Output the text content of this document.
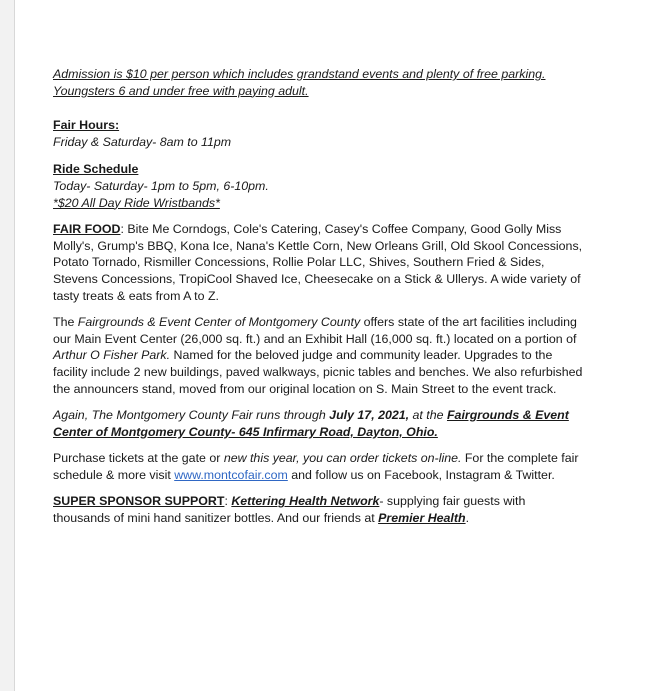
Admission is $10 per person which includes grandstand events and plenty of free parking.
Youngsters 6 and under free with paying adult.

Fair Hours:
Friday & Saturday- 8am to 11pm

Ride Schedule
Today- Saturday- 1pm to 5pm, 6-10pm.
*$20 All Day Ride Wristbands*

FAIR FOOD: Bite Me Corndogs, Cole's Catering, Casey's Coffee Company, Good Golly Miss Molly's, Grump's BBQ, Kona Ice, Nana's Kettle Corn, New Orleans Grill, Old Skool Concessions, Potato Tornado, Rismiller Concessions, Rollie Polar LLC, Shives, Southern Fried & Sides, Stevens Concessions, TropiCool Shaved Ice, Cheesecake on a Stick & Ullerys. A wide variety of tasty treats & eats from A to Z.

The Fairgrounds & Event Center of Montgomery County offers state of the art facilities including our Main Event Center (26,000 sq. ft.) and an Exhibit Hall (16,000 sq. ft.) located on a portion of Arthur O Fisher Park. Named for the beloved judge and community leader. Upgrades to the facility include 2 new buildings, paved walkways, picnic tables and benches. We also refurbished the announcers stand, moved from our original location on S. Main Street to the event track.

Again, The Montgomery County Fair runs through July 17, 2021, at the Fairgrounds & Event Center of Montgomery County- 645 Infirmary Road, Dayton, Ohio.

Purchase tickets at the gate or new this year, you can order tickets on-line. For the complete fair schedule & more visit www.montcofair.com and follow us on Facebook, Instagram & Twitter.

SUPER SPONSOR SUPPORT: Kettering Health Network- supplying fair guests with thousands of mini hand sanitizer bottles. And our friends at Premier Health.
